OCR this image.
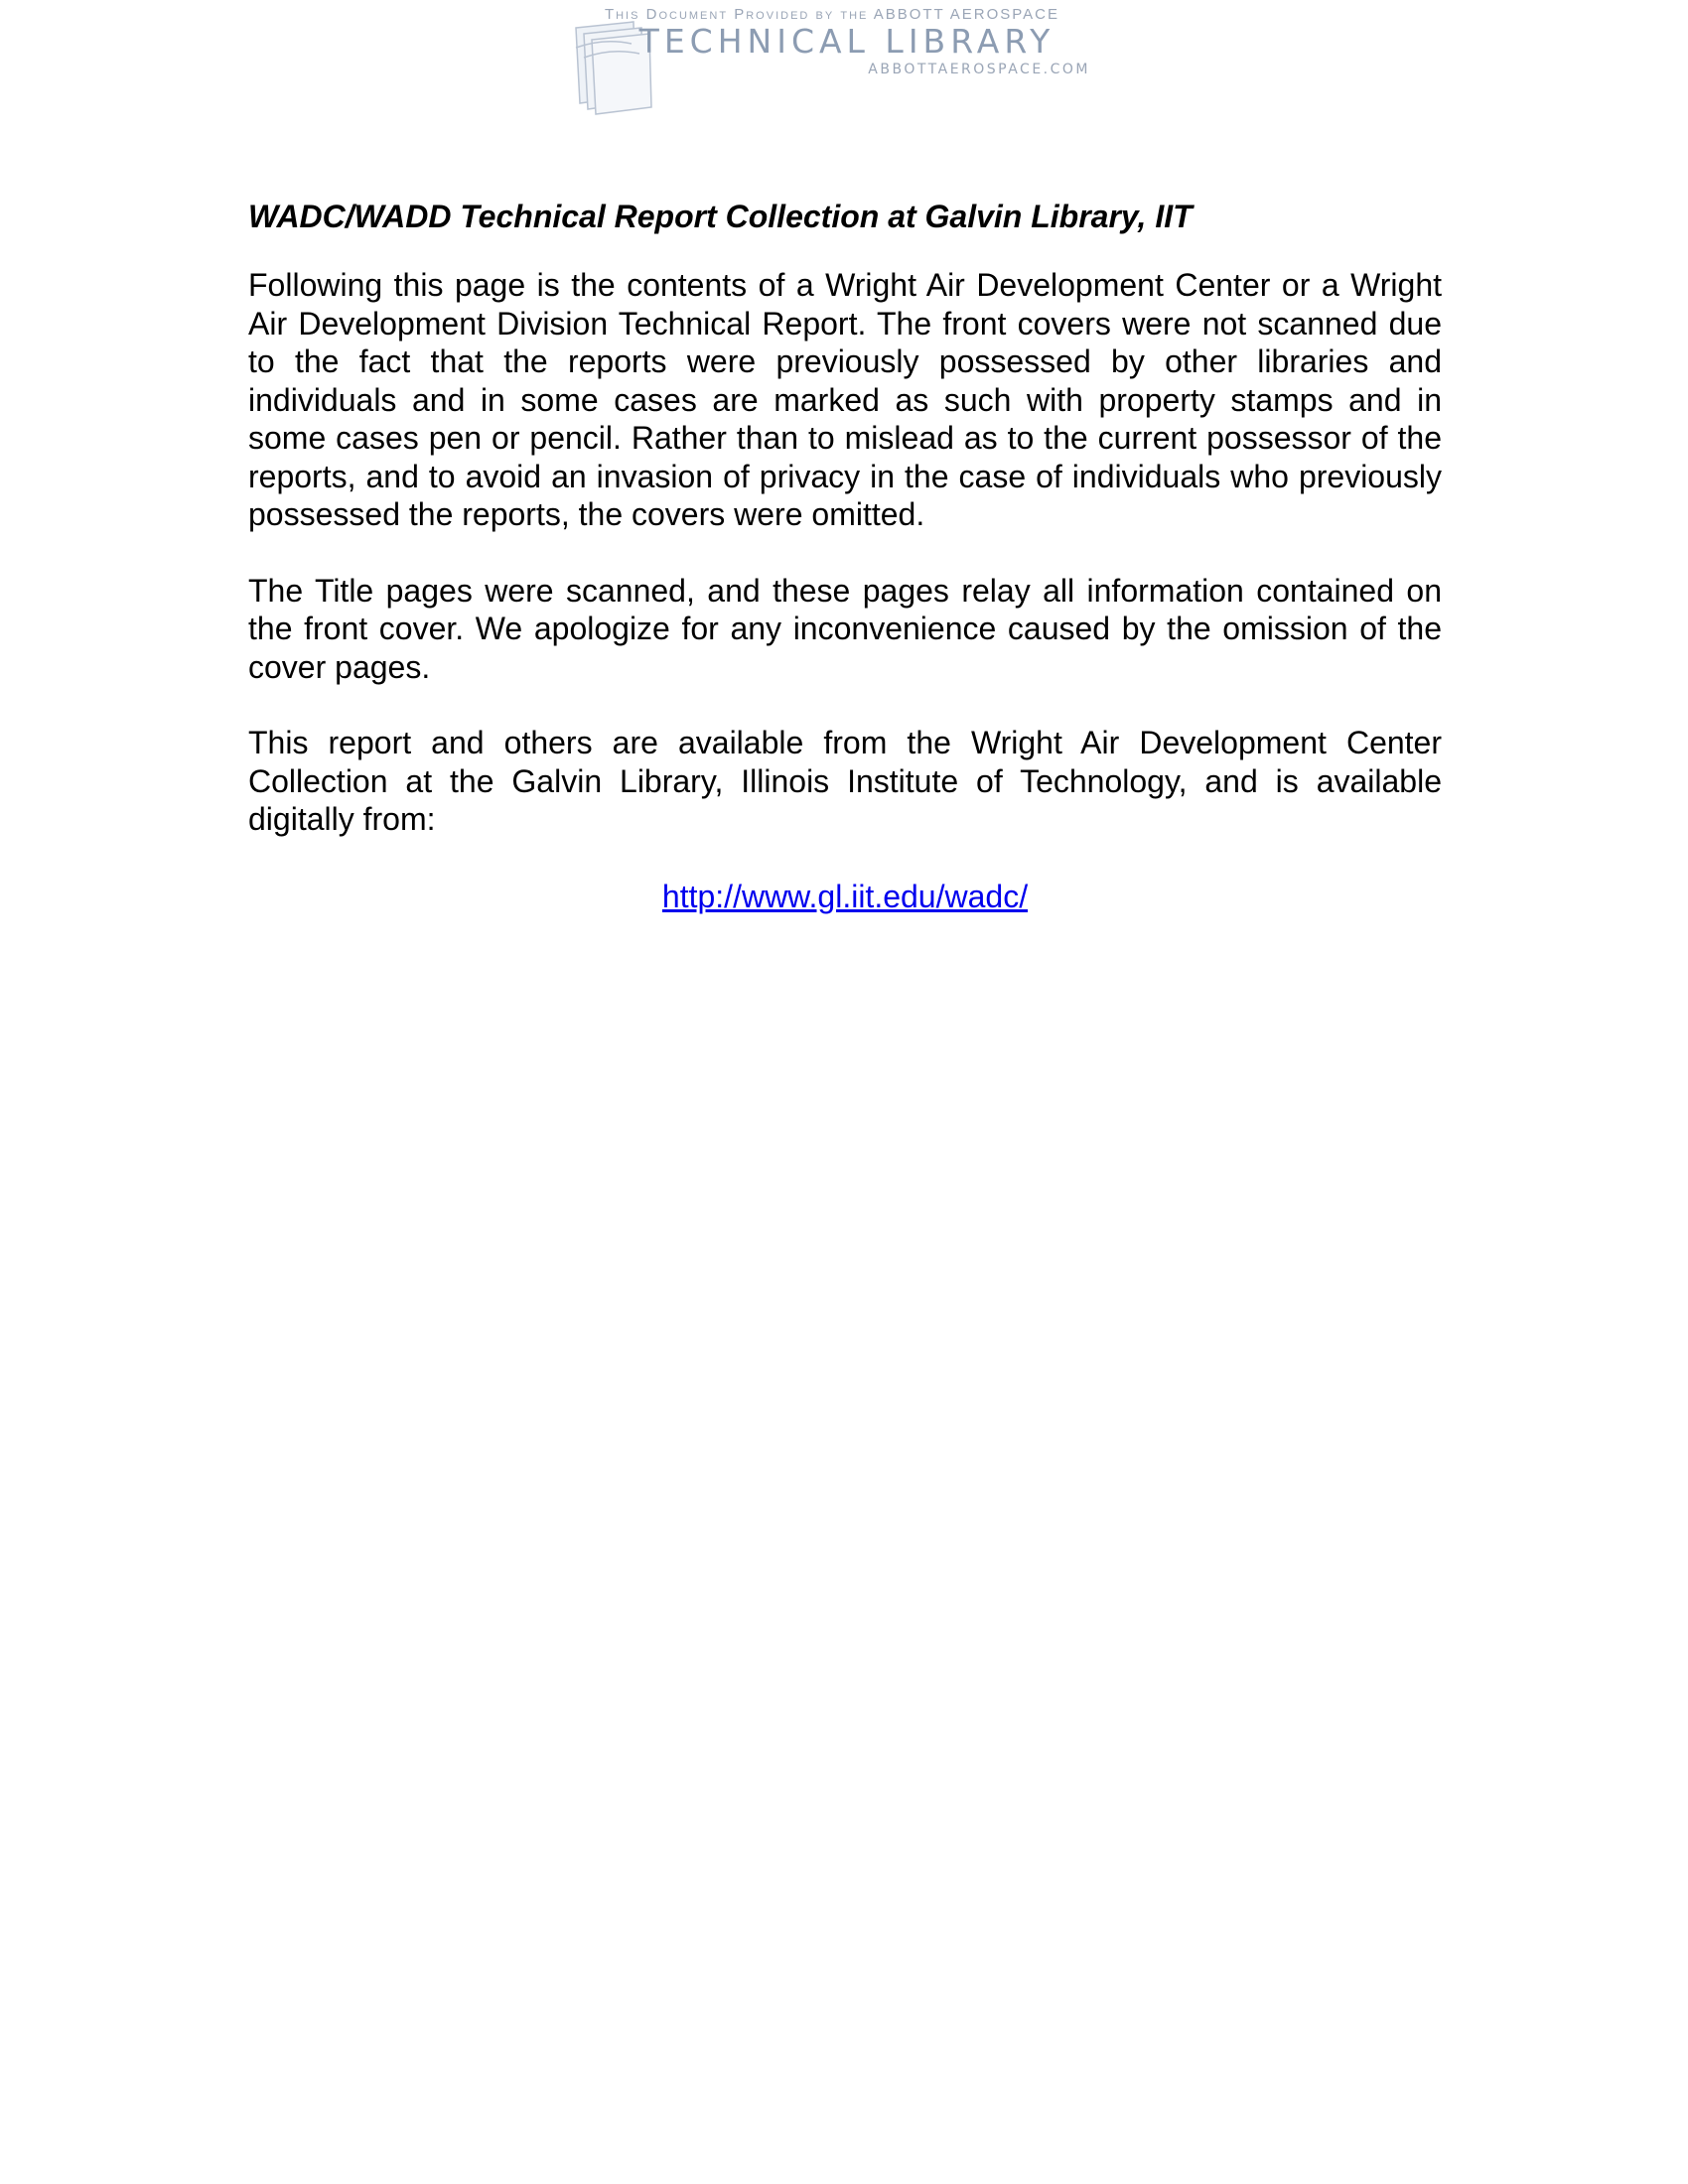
This Document Provided by the ABBOTT AEROSPACE
TECHNICAL LIBRARY
ABBOTTAEROSPACE.COM
WADC/WADD Technical Report Collection at Galvin Library, IIT

Following this page is the contents of a Wright Air Development Center or a Wright Air Development Division Technical Report. The front covers were not scanned due to the fact that the reports were previously possessed by other libraries and individuals and in some cases are marked as such with property stamps and in some cases pen or pencil. Rather than to mislead as to the current possessor of the reports, and to avoid an invasion of privacy in the case of individuals who previously possessed the reports, the covers were omitted.

The Title pages were scanned, and these pages relay all information contained on the front cover. We apologize for any inconvenience caused by the omission of the cover pages.

This report and others are available from the Wright Air Development Center Collection at the Galvin Library, Illinois Institute of Technology, and is available digitally from:

http://www.gl.iit.edu/wadc/
